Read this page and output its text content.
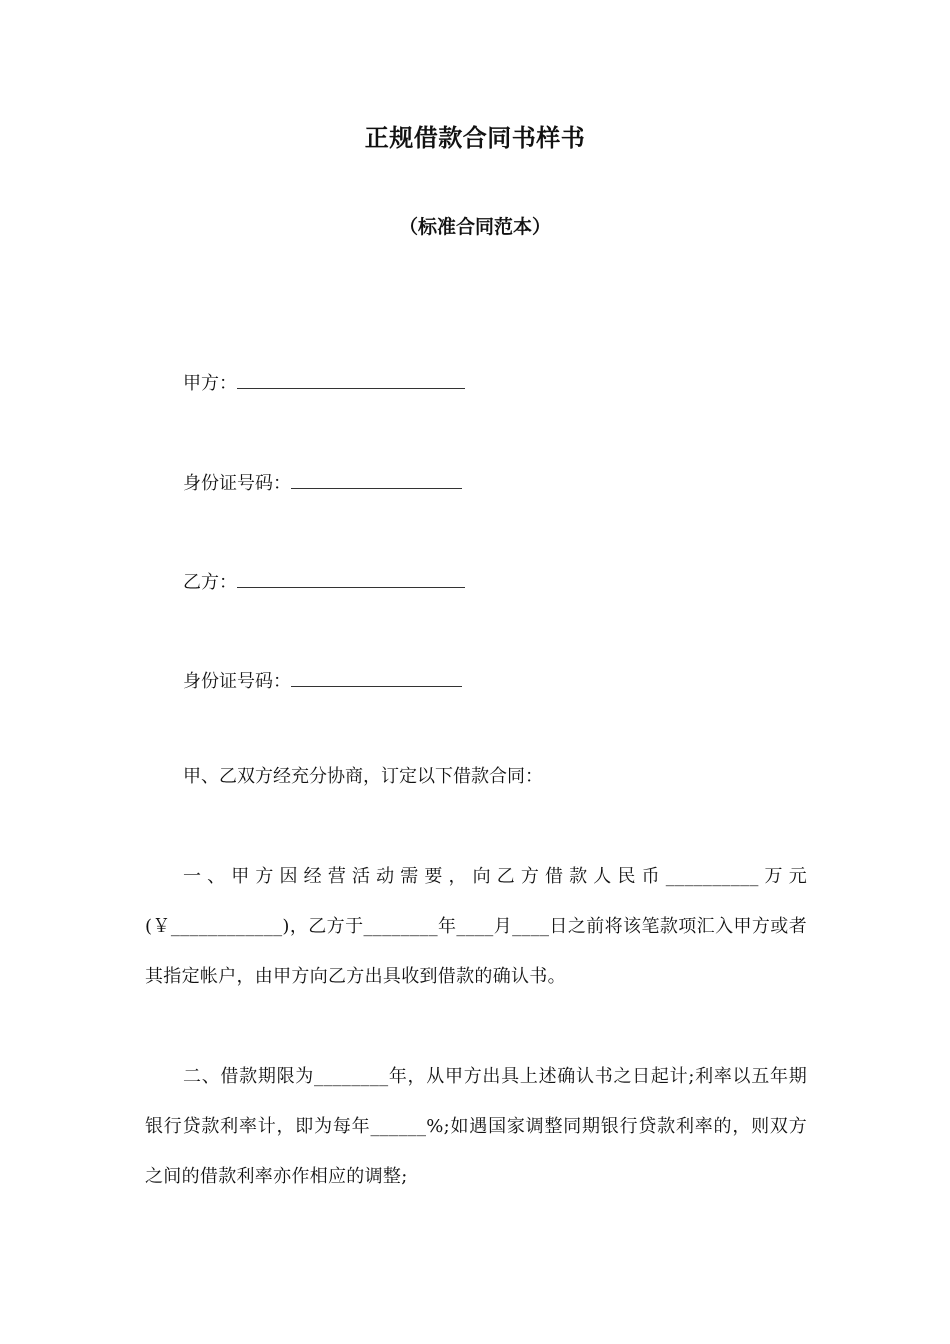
正规借款合同书样书
（标准合同范本）
甲方：
身份证号码：
乙方：
身份证号码：
甲、乙双方经充分协商，订定以下借款合同：
一、甲方因经营活动需要，向乙方借款人民币__________万元(￥____________)，乙方于________年____月____日之前将该笔款项汇入甲方或者其指定帐户，由甲方向乙方出具收到借款的确认书。
二、借款期限为________年，从甲方出具上述确认书之日起计;利率以五年期银行贷款利率计，即为每年______%;如遇国家调整同期银行贷款利率的，则双方之间的借款利率亦作相应的调整;
